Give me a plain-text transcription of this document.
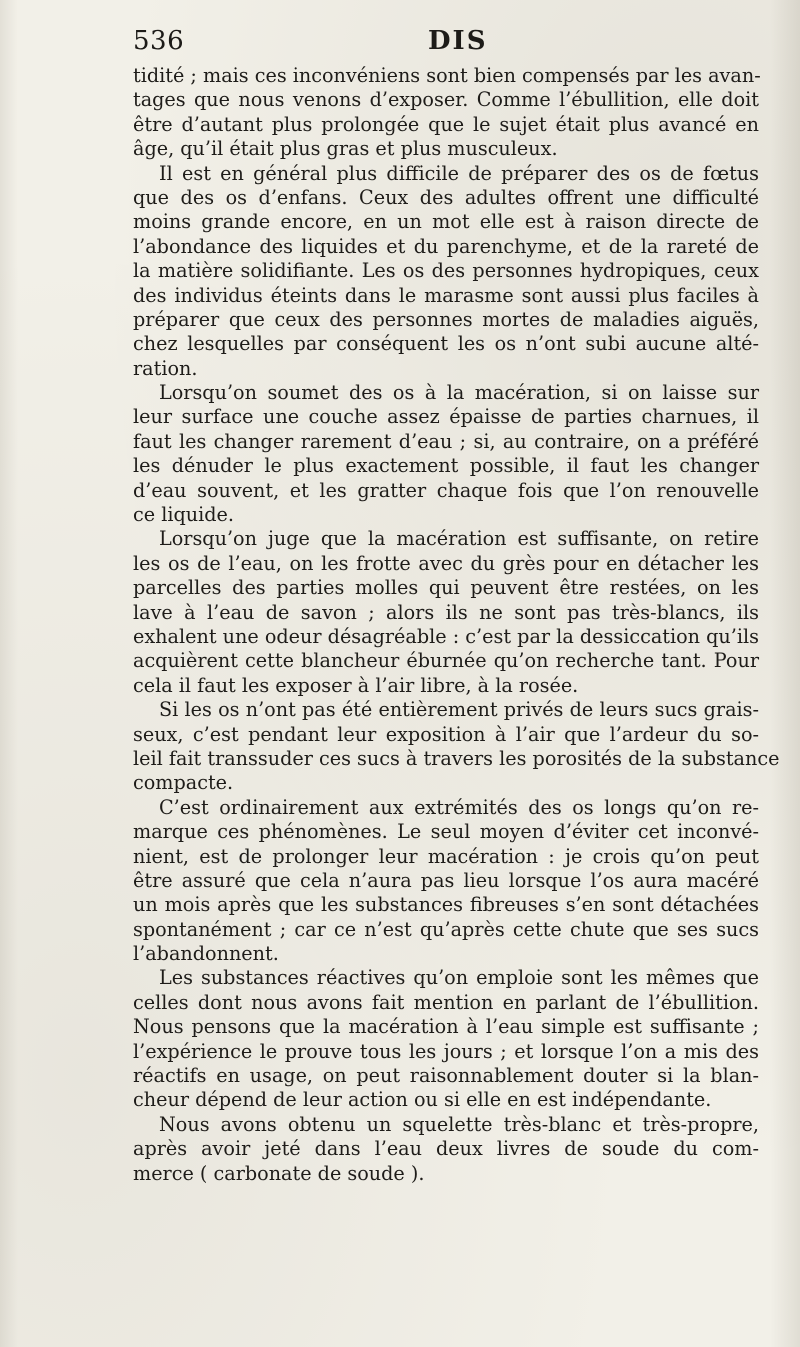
536	DIS
tidité ; mais ces inconvéniens sont bien compensés par les avan-
tages que nous venons d’exposer. Comme l’ébullition, elle doit
être d’autant plus prolongée que le sujet était plus avancé en
âge, qu’il était plus gras et plus musculeux.
Il est en général plus difficile de préparer des os de fœtus
que des os d’enfans. Ceux des adultes offrent une difficulté
moins grande encore, en un mot elle est à raison directe de
l’abondance des liquides et du parenchyme, et de la rareté de
la matière solidifiante. Les os des personnes hydropiques, ceux
des individus éteints dans le marasme sont aussi plus faciles à
préparer que ceux des personnes mortes de maladies aiguës,
chez lesquelles par conséquent les os n’ont subi aucune alté-
ration.
Lorsqu’on soumet des os à la macération, si on laisse sur
leur surface une couche assez épaisse de parties charnues, il
faut les changer rarement d’eau ; si, au contraire, on a préféré
les dénuder le plus exactement possible, il faut les changer
d’eau souvent, et les gratter chaque fois que l’on renouvelle
ce liquide.
Lorsqu’on juge que la macération est suffisante, on retire
les os de l’eau, on les frotte avec du grès pour en détacher les
parcelles des parties molles qui peuvent être restées, on les
lave à l’eau de savon ; alors ils ne sont pas très-blancs, ils
exhalent une odeur désagréable : c’est par la dessiccation qu’ils
acquièrent cette blancheur éburnée qu’on recherche tant. Pour
cela il faut les exposer à l’air libre, à la rosée.
Si les os n’ont pas été entièrement privés de leurs sucs grais-
seux, c’est pendant leur exposition à l’air que l’ardeur du so-
leil fait transsuder ces sucs à travers les porosités de la substance
compacte.
C’est ordinairement aux extrémités des os longs qu’on re-
marque ces phénomènes. Le seul moyen d’éviter cet inconvé-
nient, est de prolonger leur macération : je crois qu’on peut
être assuré que cela n’aura pas lieu lorsque l’os aura macéré
un mois après que les substances fibreuses s’en sont détachées
spontanément ; car ce n’est qu’après cette chute que ses sucs
l’abandonnent.
Les substances réactives qu’on emploie sont les mêmes que
celles dont nous avons fait mention en parlant de l’ébullition.
Nous pensons que la macération à l’eau simple est suffisante ;
l’expérience le prouve tous les jours ; et lorsque l’on a mis des
réactifs en usage, on peut raisonnablement douter si la blan-
cheur dépend de leur action ou si elle en est indépendante.
Nous avons obtenu un squelette très-blanc et très-propre,
après avoir jeté dans l’eau deux livres de soude du com-
merce ( carbonate de soude ).
